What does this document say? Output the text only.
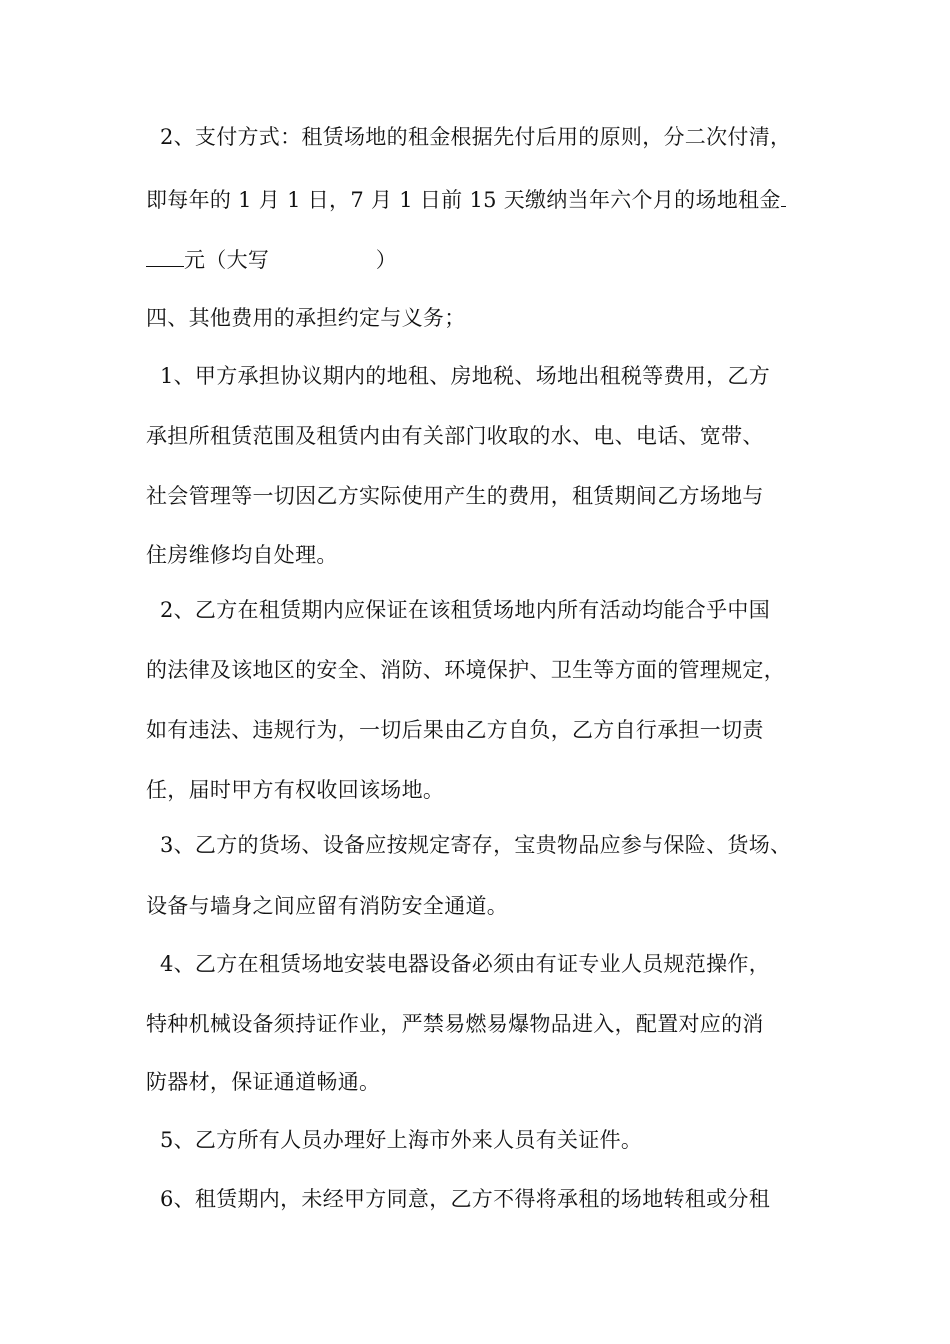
2、支付方式：租赁场地的租金根据先付后用的原则，分二次付清，
即每年的 1 月 1 日，7 月 1 日前 15 天缴纳当年六个月的场地租金
元（大写　　　　　）
四、其他费用的承担约定与义务；
1、甲方承担协议期内的地租、房地税、场地出租税等费用，乙方
承担所租赁范围及租赁内由有关部门收取的水、电、电话、宽带、
社会管理等一切因乙方实际使用产生的费用，租赁期间乙方场地与
住房维修均自处理。
2、乙方在租赁期内应保证在该租赁场地内所有活动均能合乎中国
的法律及该地区的安全、消防、环境保护、卫生等方面的管理规定，
如有违法、违规行为，一切后果由乙方自负，乙方自行承担一切责
任，届时甲方有权收回该场地。
3、乙方的货场、设备应按规定寄存，宝贵物品应参与保险、货场、
设备与墙身之间应留有消防安全通道。
4、乙方在租赁场地安装电器设备必须由有证专业人员规范操作，
特种机械设备须持证作业，严禁易燃易爆物品进入，配置对应的消
防器材，保证通道畅通。
5、乙方所有人员办理好上海市外来人员有关证件。
6、租赁期内，未经甲方同意，乙方不得将承租的场地转租或分租
